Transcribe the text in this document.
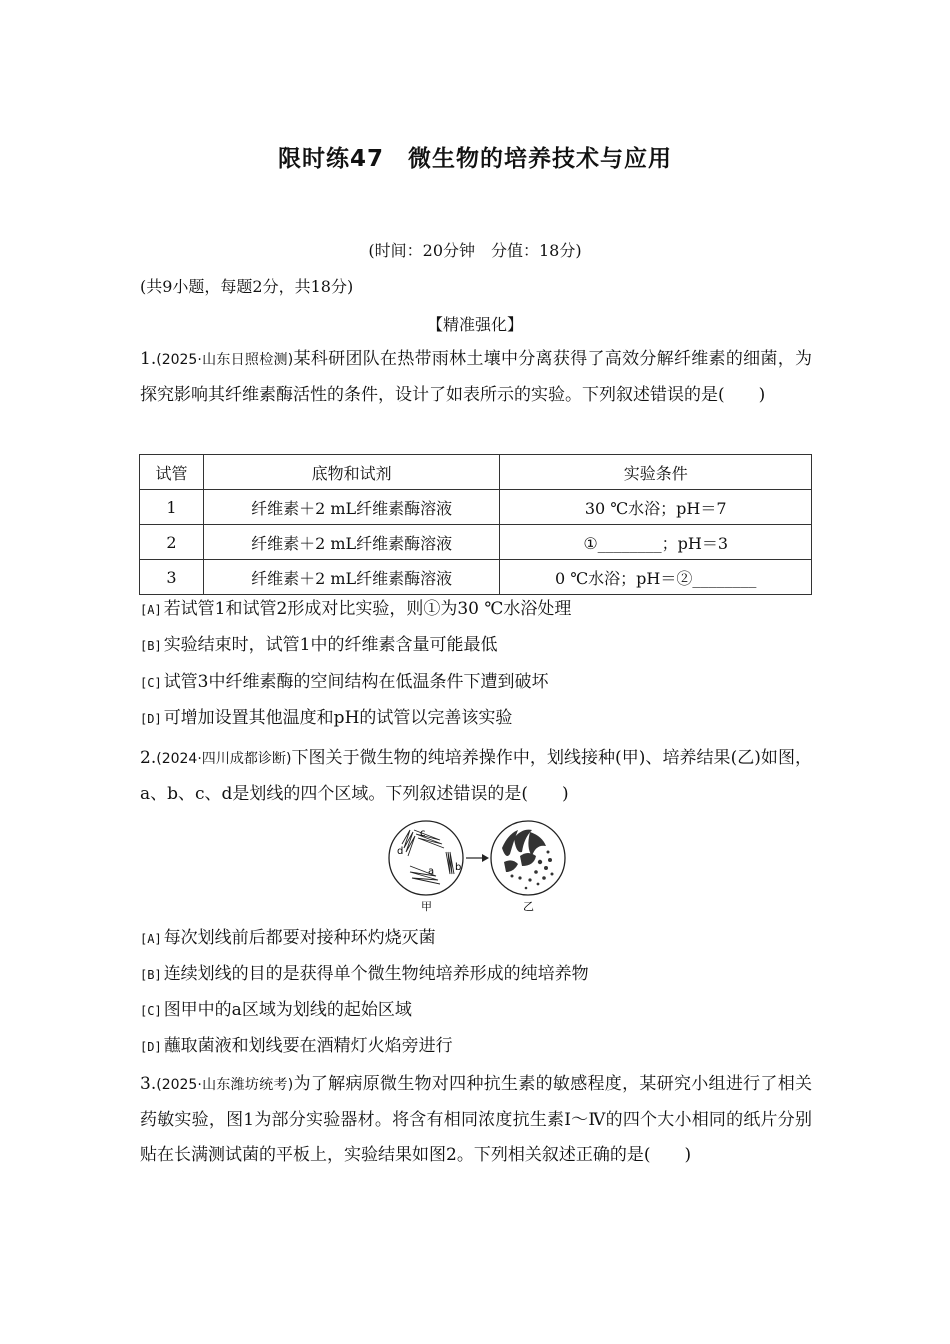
限时练47　微生物的培养技术与应用
(时间：20分钟　分值：18分)
(共9小题，每题2分，共18分)
【精准强化】
1.(2025·山东日照检测)某科研团队在热带雨林土壤中分离获得了高效分解纤维素的细菌，为探究影响其纤维素酶活性的条件，设计了如表所示的实验。下列叙述错误的是(　　)
试管	底物和试剂	实验条件
1	纤维素＋2 mL纤维素酶溶液	30 ℃水浴；pH＝7
2	纤维素＋2 mL纤维素酶溶液	①________；pH＝3
3	纤维素＋2 mL纤维素酶溶液	0 ℃水浴；pH＝②________
[A] 若试管1和试管2形成对比实验，则①为30 ℃水浴处理
[B] 实验结束时，试管1中的纤维素含量可能最低
[C] 试管3中纤维素酶的空间结构在低温条件下遭到破坏
[D] 可增加设置其他温度和pH的试管以完善该实验
2.(2024·四川成都诊断)下图关于微生物的纯培养操作中，划线接种(甲)、培养结果(乙)如图，a、b、c、d是划线的四个区域。下列叙述错误的是(　　)
d
c
b
a
甲	乙
[A] 每次划线前后都要对接种环灼烧灭菌
[B] 连续划线的目的是获得单个微生物纯培养形成的纯培养物
[C] 图甲中的a区域为划线的起始区域
[D] 蘸取菌液和划线要在酒精灯火焰旁进行
3.(2025·山东潍坊统考)为了解病原微生物对四种抗生素的敏感程度，某研究小组进行了相关药敏实验，图1为部分实验器材。将含有相同浓度抗生素Ⅰ～Ⅳ的四个大小相同的纸片分别贴在长满测试菌的平板上，实验结果如图2。下列相关叙述正确的是(　　)
